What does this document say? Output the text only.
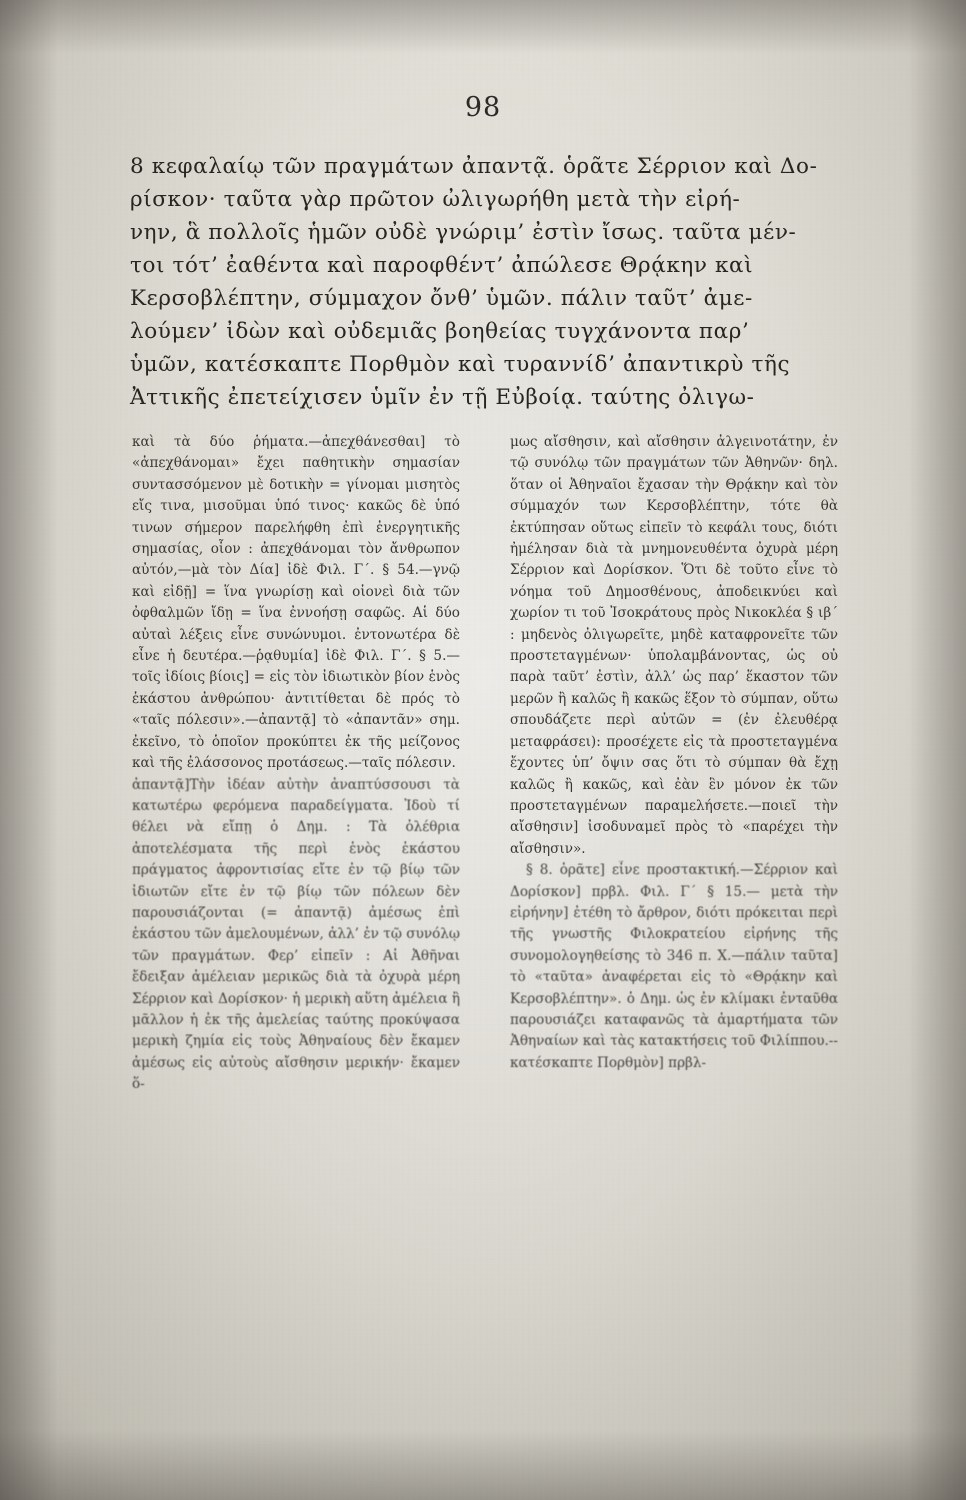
98
8 κεφαλαίῳ τῶν πραγμάτων ἀπαντᾷ. ὁρᾶτε Σέρριον καὶ Δο-
ρίσκον· ταῦτα γὰρ πρῶτον ὠλιγωρήθη μετὰ τὴν εἰρή-
νην, ἃ πολλοῖς ἡμῶν οὐδὲ γνώριμ’ ἐστὶν ἴσως. ταῦτα μέν-
τοι τότ’ ἐαθέντα καὶ παροφθέντ’ ἀπώλεσε Θρᾴκην καὶ
Κερσοβλέπτην, σύμμαχον ὄνθ’ ὑμῶν. πάλιν ταῦτ’ ἀμε-
λούμεν’ ἰδὼν καὶ οὐδεμιᾶς βοηθείας τυγχάνοντα παρ’
ὑμῶν, κατέσκαπτε Πορθμὸν καὶ τυραννίδ’ ἀπαντικρὺ τῆς
Ἀττικῆς ἐπετείχισεν ὑμῖν ἐν τῇ Εὐβοίᾳ. ταύτης ὀλιγω-

καὶ τὰ δύο ῥήματα.—ἀπεχθάνεσθαι] τὸ «ἀπεχθάνομαι» ἔχει παθητικὴν σημασίαν συντασσόμενον μὲ δοτικὴν = γίνομαι μισητὸς εἴς τινα, μισοῦμαι ὑπό τινος· κακῶς δὲ ὑπό τινων σήμερον παρελήφθη ἐπὶ ἐνεργητικῆς σημασίας, οἷον : ἀπεχθάνομαι τὸν ἄνθρωπον αὐτόν,—μὰ τὸν Δία] ἰδὲ Φιλ. Γ΄. § 54.—γνῷ καὶ εἰδῇ] = ἵνα γνωρίσῃ καὶ οἱονεὶ διὰ τῶν ὀφθαλμῶν ἴδῃ = ἵνα ἐννοήσῃ σαφῶς. Αἱ δύο αὐταὶ λέξεις εἶνε συνώνυμοι. ἐντονωτέρα δὲ εἶνε ἡ δευτέρα.—ῥᾳθυμία] ἰδὲ Φιλ. Γ΄. § 5.—τοῖς ἰδίοις βίοις] = εἰς τὸν ἰδιωτικὸν βίον ἑνὸς ἑκάστου ἀνθρώπου· ἀντιτίθεται δὲ πρός τὸ «ταῖς πόλεσιν».—ἀπαντᾷ] τὸ «ἀπαντᾶν» σημ. ἐκεῖνο, τὸ ὁποῖον προκύπτει ἐκ τῆς μείζονος καὶ τῆς ἐλάσσονος προτάσεως.—ταῖς πόλεσιν.

ἀπαντᾷ]Τὴν ἰδέαν αὐτὴν ἀναπτύσσουσι τὰ κατωτέρω φερόμενα παραδείγματα. Ἰδοὺ τί θέλει νὰ εἴπῃ ὁ Δημ. : Τὰ ὀλέθρια ἀποτελέσματα τῆς περὶ ἑνὸς ἑκάστου πράγματος ἀφροντισίας εἴτε ἐν τῷ βίῳ τῶν ἰδιωτῶν εἴτε ἐν τῷ βίῳ τῶν πόλεων δὲν παρουσιάζονται (= ἀπαντᾷ) ἀμέσως ἐπὶ ἑκάστου τῶν ἀμελουμένων, ἀλλ’ ἐν τῷ συνόλῳ τῶν πραγμάτων. Φερ’ εἰπεῖν : Αἱ Ἀθῆναι ἔδειξαν ἀμέλειαν μερικῶς διὰ τὰ ὀχυρὰ μέρη Σέρριον καὶ Δορίσκον· ἡ μερικὴ αὕτη ἀμέλεια ἢ μᾶλλον ἡ ἐκ τῆς ἀμελείας ταύτης προκύψασα μερικὴ ζημία εἰς τοὺς Ἀθηναίους δὲν ἔκαμεν ἀμέσως εἰς αὐτοὺς αἴσθησιν μερικήν· ἔκαμεν ὅ-

μως αἴσθησιν, καὶ αἴσθησιν ἀλγεινοτάτην, ἐν τῷ συνόλῳ τῶν πραγμάτων τῶν Ἀθηνῶν· δηλ. ὅταν οἱ Ἀθηναῖοι ἔχασαν τὴν Θρᾴκην καὶ τὸν σύμμαχόν των Κερσοβλέπτην, τότε θὰ ἐκτύπησαν οὕτως εἰπεῖν τὸ κεφάλι τους, διότι ἠμέλησαν διὰ τὰ μνημονευθέντα ὀχυρὰ μέρη Σέρριον καὶ Δορίσκον. Ὅτι δὲ τοῦτο εἶνε τὸ νόημα τοῦ Δημοσθένους, ἀποδεικνύει καὶ χωρίον τι τοῦ Ἰσοκράτους πρὸς Νικοκλέα § ιβ΄ : μηδενὸς ὀλιγωρεῖτε, μηδὲ καταφρονεῖτε τῶν προστεταγμένων· ὑπολαμβάνοντας, ὡς οὐ παρὰ ταῦτ’ ἐστὶν, ἀλλ’ ὡς παρ’ ἕκαστον τῶν μερῶν ἢ καλῶς ἢ κακῶς ἕξον τὸ σύμπαν, οὕτω σπουδάζετε περὶ αὐτῶν = (ἐν ἐλευθέρᾳ μεταφράσει): προσέχετε εἰς τὰ προστεταγμένα ἔχοντες ὑπ’ ὄψιν σας ὅτι τὸ σύμπαν θὰ ἔχῃ καλῶς ἢ κακῶς, καὶ ἐὰν ἓν μόνον ἐκ τῶν προστεταγμένων παραμελήσετε.—ποιεῖ τὴν αἴσθησιν] ἰσοδυναμεῖ πρὸς τὸ «παρέχει τὴν αἴσθησιν».

§ 8. ὁρᾶτε] εἶνε προστακτική.—Σέρριον καὶ Δορίσκον] πρβλ. Φιλ. Γ΄ § 15.— μετὰ τὴν εἰρήνην] ἐτέθη τὸ ἄρθρον, διότι πρόκειται περὶ τῆς γνωστῆς Φιλοκρατείου εἰρήνης τῆς συνομολογηθείσης τὸ 346 π. Χ.—πάλιν ταῦτα] τὸ «ταῦτα» ἀναφέρεται εἰς τὸ «Θρᾴκην καὶ Κερσοβλέπτην». ὁ Δημ. ὡς ἐν κλίμακι ἐνταῦθα παρουσιάζει καταφανῶς τὰ ἁμαρτήματα τῶν Ἀθηναίων καὶ τὰς κατακτήσεις τοῦ Φιλίππου.--κατέσκαπτε Πορθμὸν] πρβλ-
